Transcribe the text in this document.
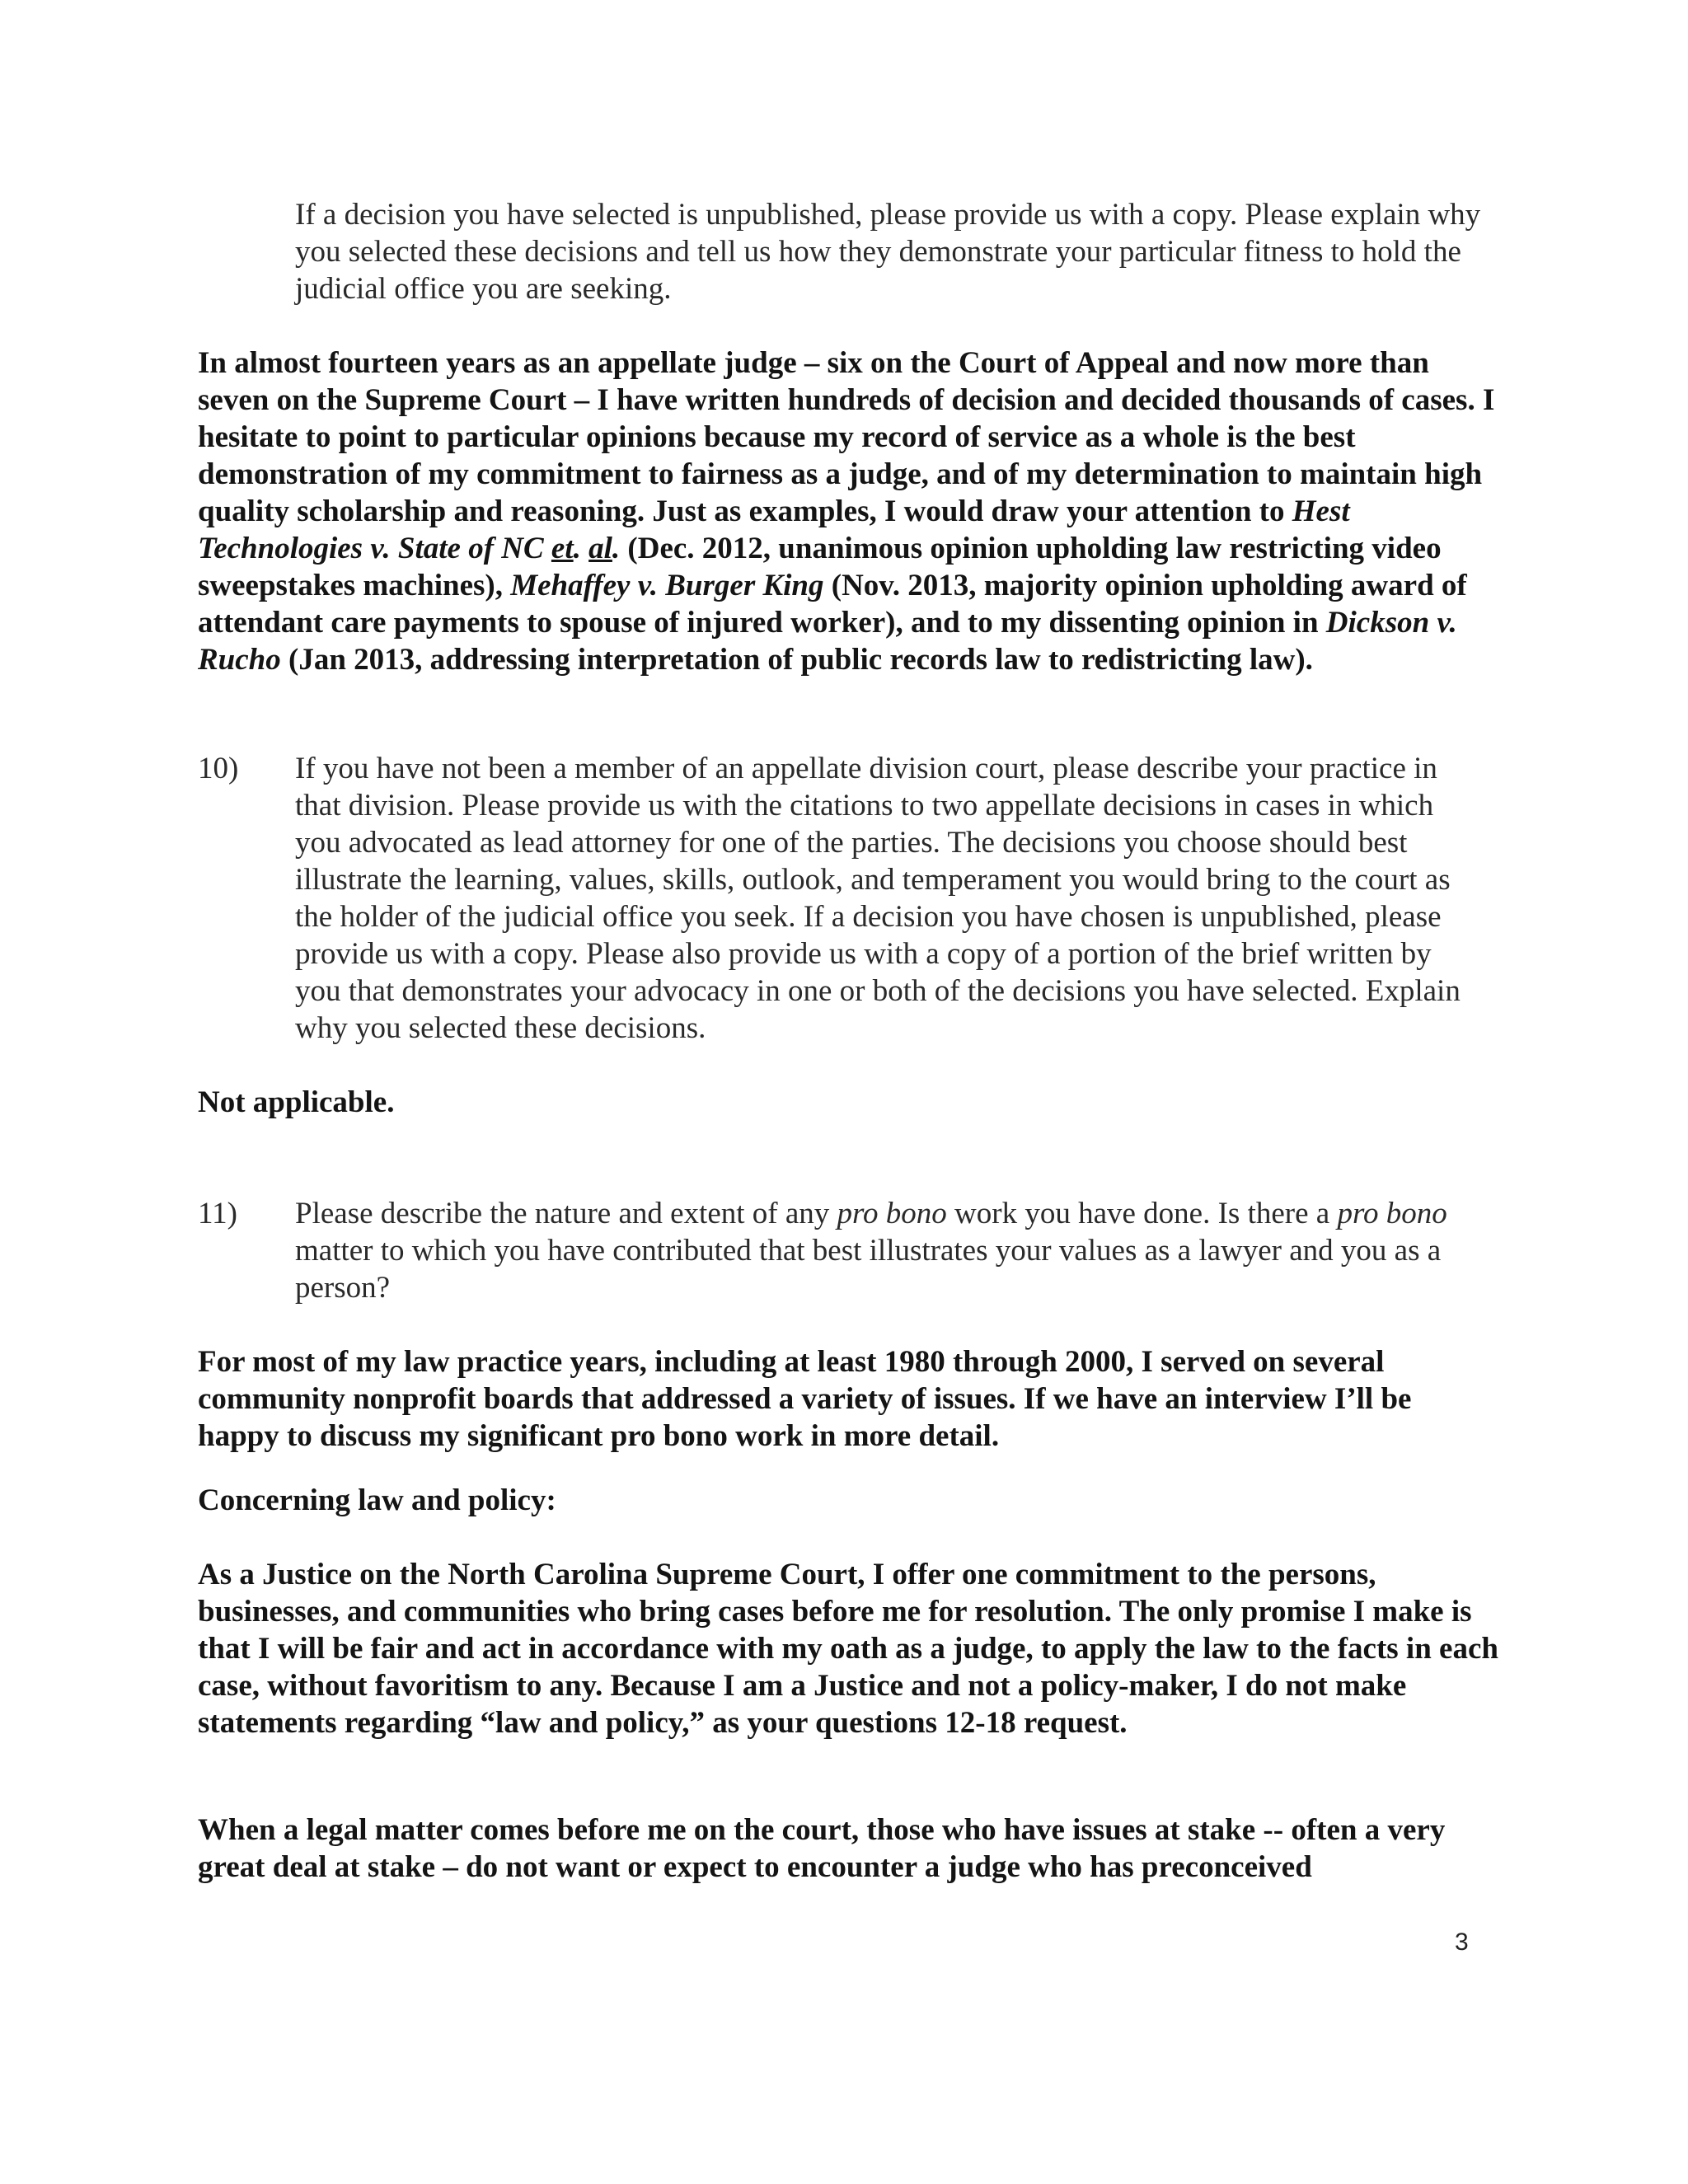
If a decision you have selected is unpublished, please provide us with a copy. Please explain why you selected these decisions and tell us how they demonstrate your particular fitness to hold the judicial office you are seeking.

In almost fourteen years as an appellate judge – six on the Court of Appeal and now more than seven on the Supreme Court – I have written hundreds of decision and decided thousands of cases. I hesitate to point to particular opinions because my record of service as a whole is the best demonstration of my commitment to fairness as a judge, and of my determination to maintain high quality scholarship and reasoning. Just as examples, I would draw your attention to Hest Technologies v. State of NC et. al. (Dec. 2012, unanimous opinion upholding law restricting video sweepstakes machines), Mehaffey v. Burger King (Nov. 2013, majority opinion upholding award of attendant care payments to spouse of injured worker), and to my dissenting opinion in Dickson v. Rucho (Jan 2013, addressing interpretation of public records law to redistricting law).

10) If you have not been a member of an appellate division court, please describe your practice in that division. Please provide us with the citations to two appellate decisions in cases in which you advocated as lead attorney for one of the parties. The decisions you choose should best illustrate the learning, values, skills, outlook, and temperament you would bring to the court as the holder of the judicial office you seek. If a decision you have chosen is unpublished, please provide us with a copy. Please also provide us with a copy of a portion of the brief written by you that demonstrates your advocacy in one or both of the decisions you have selected. Explain why you selected these decisions.

Not applicable.

11) Please describe the nature and extent of any pro bono work you have done. Is there a pro bono matter to which you have contributed that best illustrates your values as a lawyer and you as a person?

For most of my law practice years, including at least 1980 through 2000, I served on several community nonprofit boards that addressed a variety of issues. If we have an interview I’ll be happy to discuss my significant pro bono work in more detail.

Concerning law and policy:

As a Justice on the North Carolina Supreme Court, I offer one commitment to the persons, businesses, and communities who bring cases before me for resolution. The only promise I make is that I will be fair and act in accordance with my oath as a judge, to apply the law to the facts in each case, without favoritism to any. Because I am a Justice and not a policy-maker, I do not make statements regarding “law and policy,” as your questions 12-18 request.

When a legal matter comes before me on the court, those who have issues at stake -- often a very great deal at stake – do not want or expect to encounter a judge who has preconceived

3
